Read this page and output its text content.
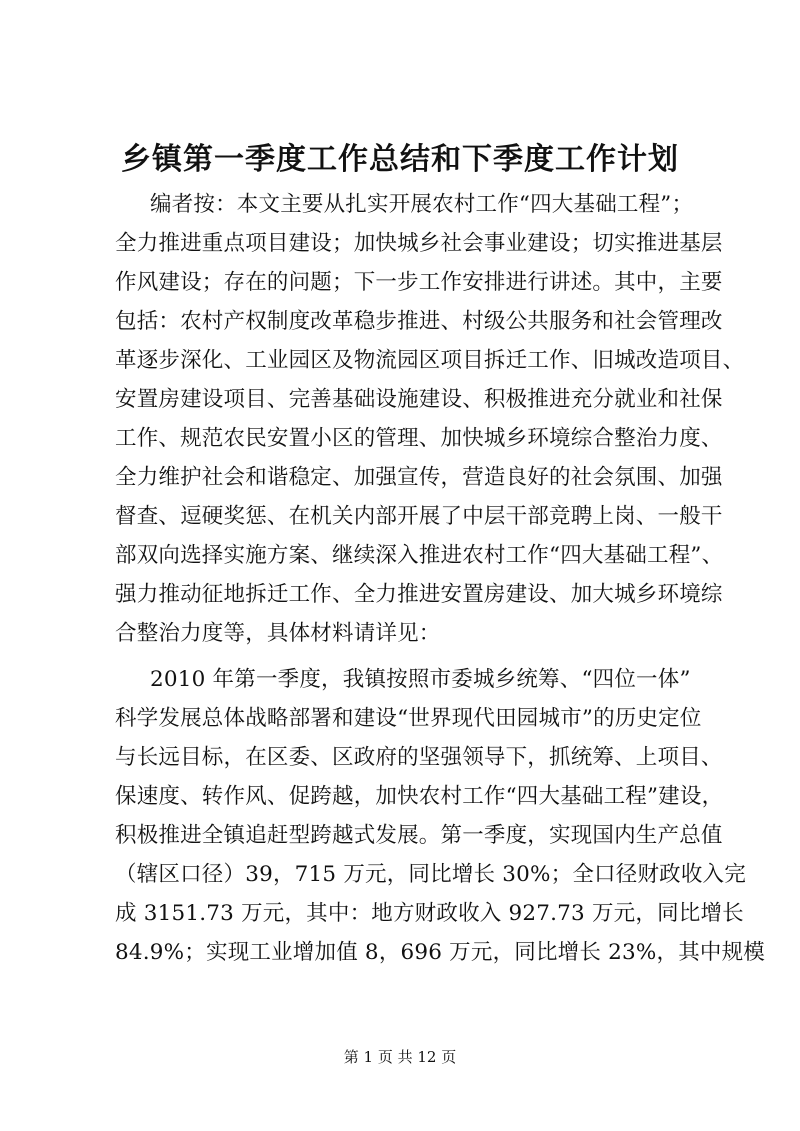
乡镇第一季度工作总结和下季度工作计划
编者按：本文主要从扎实开展农村工作“四大基础工程”；
全力推进重点项目建设；加快城乡社会事业建设；切实推进基层
作风建设；存在的问题；下一步工作安排进行讲述。其中，主要
包括：农村产权制度改革稳步推进、村级公共服务和社会管理改
革逐步深化、工业园区及物流园区项目拆迁工作、旧城改造项目、
安置房建设项目、完善基础设施建设、积极推进充分就业和社保
工作、规范农民安置小区的管理、加快城乡环境综合整治力度、
全力维护社会和谐稳定、加强宣传，营造良好的社会氛围、加强
督查、逗硬奖惩、在机关内部开展了中层干部竞聘上岗、一般干
部双向选择实施方案、继续深入推进农村工作“四大基础工程”、
强力推动征地拆迁工作、全力推进安置房建设、加大城乡环境综
合整治力度等，具体材料请详见：
2010 年第一季度，我镇按照市委城乡统筹、“四位一体”
科学发展总体战略部署和建设“世界现代田园城市”的历史定位
与长远目标，在区委、区政府的坚强领导下，抓统筹、上项目、
保速度、转作风、促跨越，加快农村工作“四大基础工程”建设，
积极推进全镇追赶型跨越式发展。第一季度，实现国内生产总值
（辖区口径）39，715 万元，同比增长 30%；全口径财政收入完
成 3151.73 万元，其中：地方财政收入 927.73 万元，同比增长
84.9%；实现工业增加值 8，696 万元，同比增长 23%，其中规模
第 1 页 共 12 页
